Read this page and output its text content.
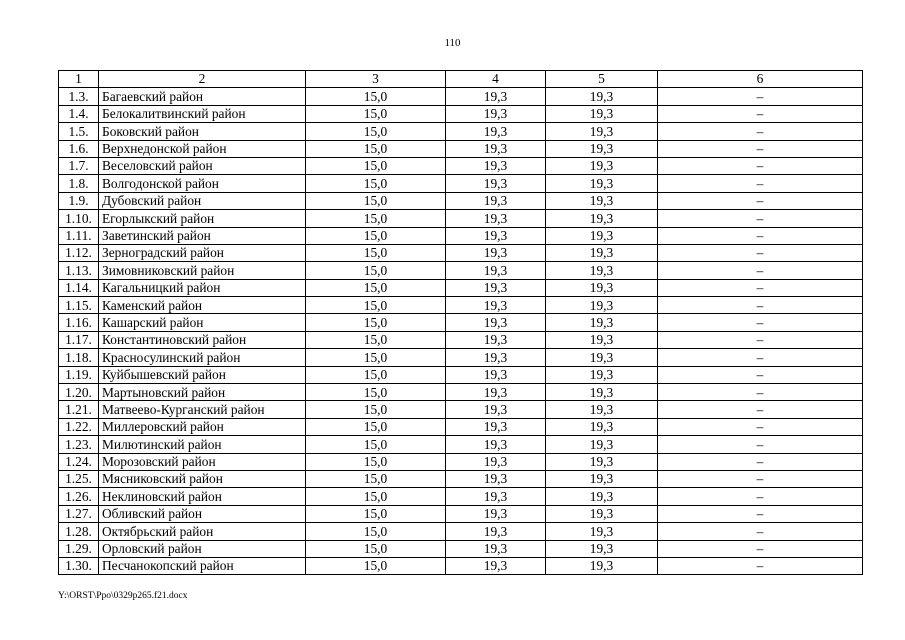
110
1	2	3	4	5	6
1.3.	Багаевский район	15,0	19,3	19,3	–
1.4.	Белокалитвинский район	15,0	19,3	19,3	–
1.5.	Боковский район	15,0	19,3	19,3	–
1.6.	Верхнедонской район	15,0	19,3	19,3	–
1.7.	Веселовский район	15,0	19,3	19,3	–
1.8.	Волгодонской район	15,0	19,3	19,3	–
1.9.	Дубовский район	15,0	19,3	19,3	–
1.10.	Егорлыкский район	15,0	19,3	19,3	–
1.11.	Заветинский район	15,0	19,3	19,3	–
1.12.	Зерноградский район	15,0	19,3	19,3	–
1.13.	Зимовниковский район	15,0	19,3	19,3	–
1.14.	Кагальницкий район	15,0	19,3	19,3	–
1.15.	Каменский район	15,0	19,3	19,3	–
1.16.	Кашарский район	15,0	19,3	19,3	–
1.17.	Константиновский район	15,0	19,3	19,3	–
1.18.	Красносулинский район	15,0	19,3	19,3	–
1.19.	Куйбышевский район	15,0	19,3	19,3	–
1.20.	Мартыновский район	15,0	19,3	19,3	–
1.21.	Матвеево-Курганский район	15,0	19,3	19,3	–
1.22.	Миллеровский район	15,0	19,3	19,3	–
1.23.	Милютинский район	15,0	19,3	19,3	–
1.24.	Морозовский район	15,0	19,3	19,3	–
1.25.	Мясниковский район	15,0	19,3	19,3	–
1.26.	Неклиновский район	15,0	19,3	19,3	–
1.27.	Обливский район	15,0	19,3	19,3	–
1.28.	Октябрьский район	15,0	19,3	19,3	–
1.29.	Орловский район	15,0	19,3	19,3	–
1.30.	Песчанокопский район	15,0	19,3	19,3	–
Y:\ORST\Ppo\0329p265.f21.docx
